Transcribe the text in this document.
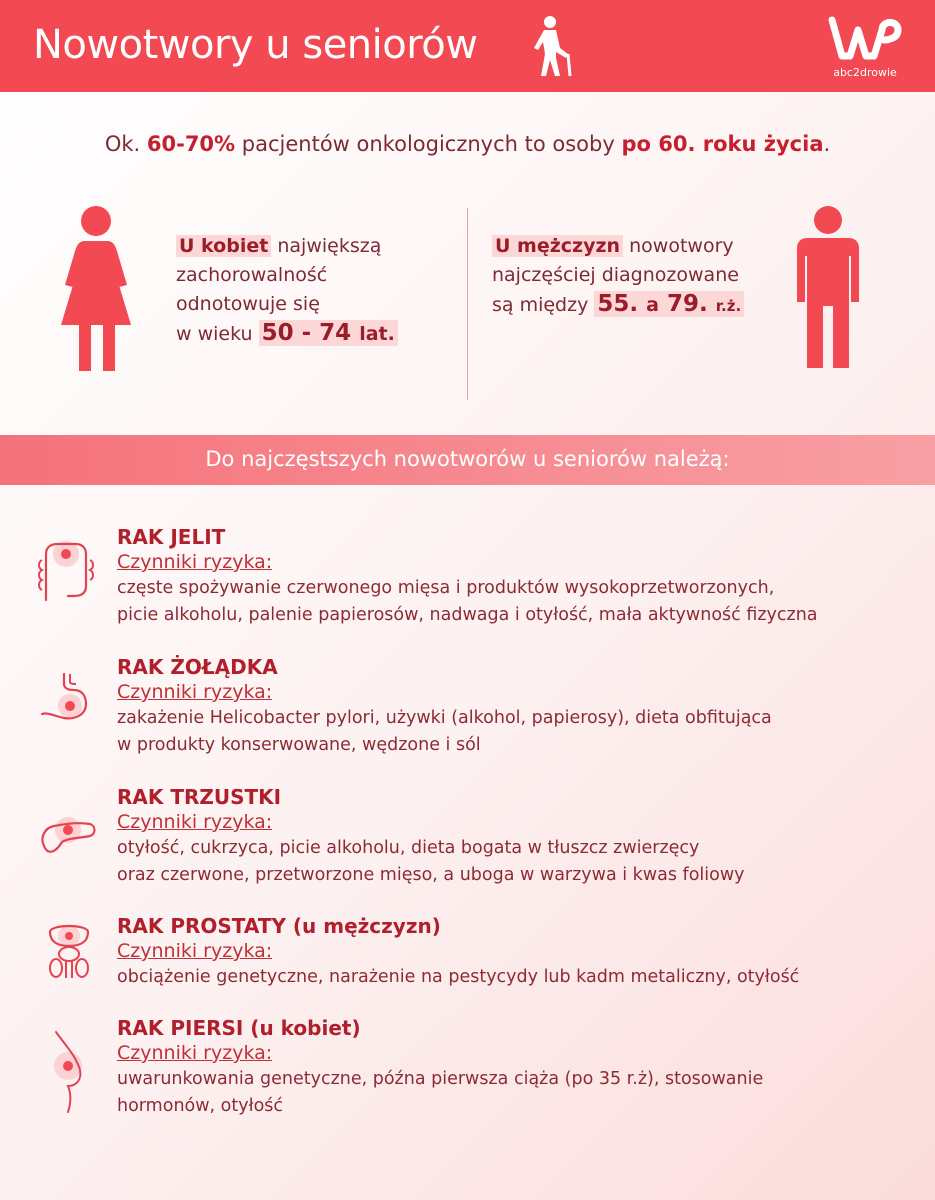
Nowotwory u seniorów
abc2drowie
Ok. 60-70% pacjentów onkologicznych to osoby po 60. roku życia.
U kobiet największą
zachorowalność
odnotowuje się
w wieku 50 - 74 lat.
U mężczyzn nowotwory
najczęściej diagnozowane
są między 55. a 79. r.ż.
Do najczęstszych nowotworów u seniorów należą:
RAK JELIT
Czynniki ryzyka:
częste spożywanie czerwonego mięsa i produktów wysokoprzetworzonych,
picie alkoholu, palenie papierosów, nadwaga i otyłość, mała aktywność fizyczna
RAK ŻOŁĄDKA
Czynniki ryzyka:
zakażenie Helicobacter pylori, używki (alkohol, papierosy), dieta obfitująca
w produkty konserwowane, wędzone i sól
RAK TRZUSTKI
Czynniki ryzyka:
otyłość, cukrzyca, picie alkoholu, dieta bogata w tłuszcz zwierzęcy
oraz czerwone, przetworzone mięso, a uboga w warzywa i kwas foliowy
RAK PROSTATY (u mężczyzn)
Czynniki ryzyka:
obciążenie genetyczne, narażenie na pestycydy lub kadm metaliczny, otyłość
RAK PIERSI (u kobiet)
Czynniki ryzyka:
uwarunkowania genetyczne, późna pierwsza ciąża (po 35 r.ż), stosowanie
hormonów, otyłość
